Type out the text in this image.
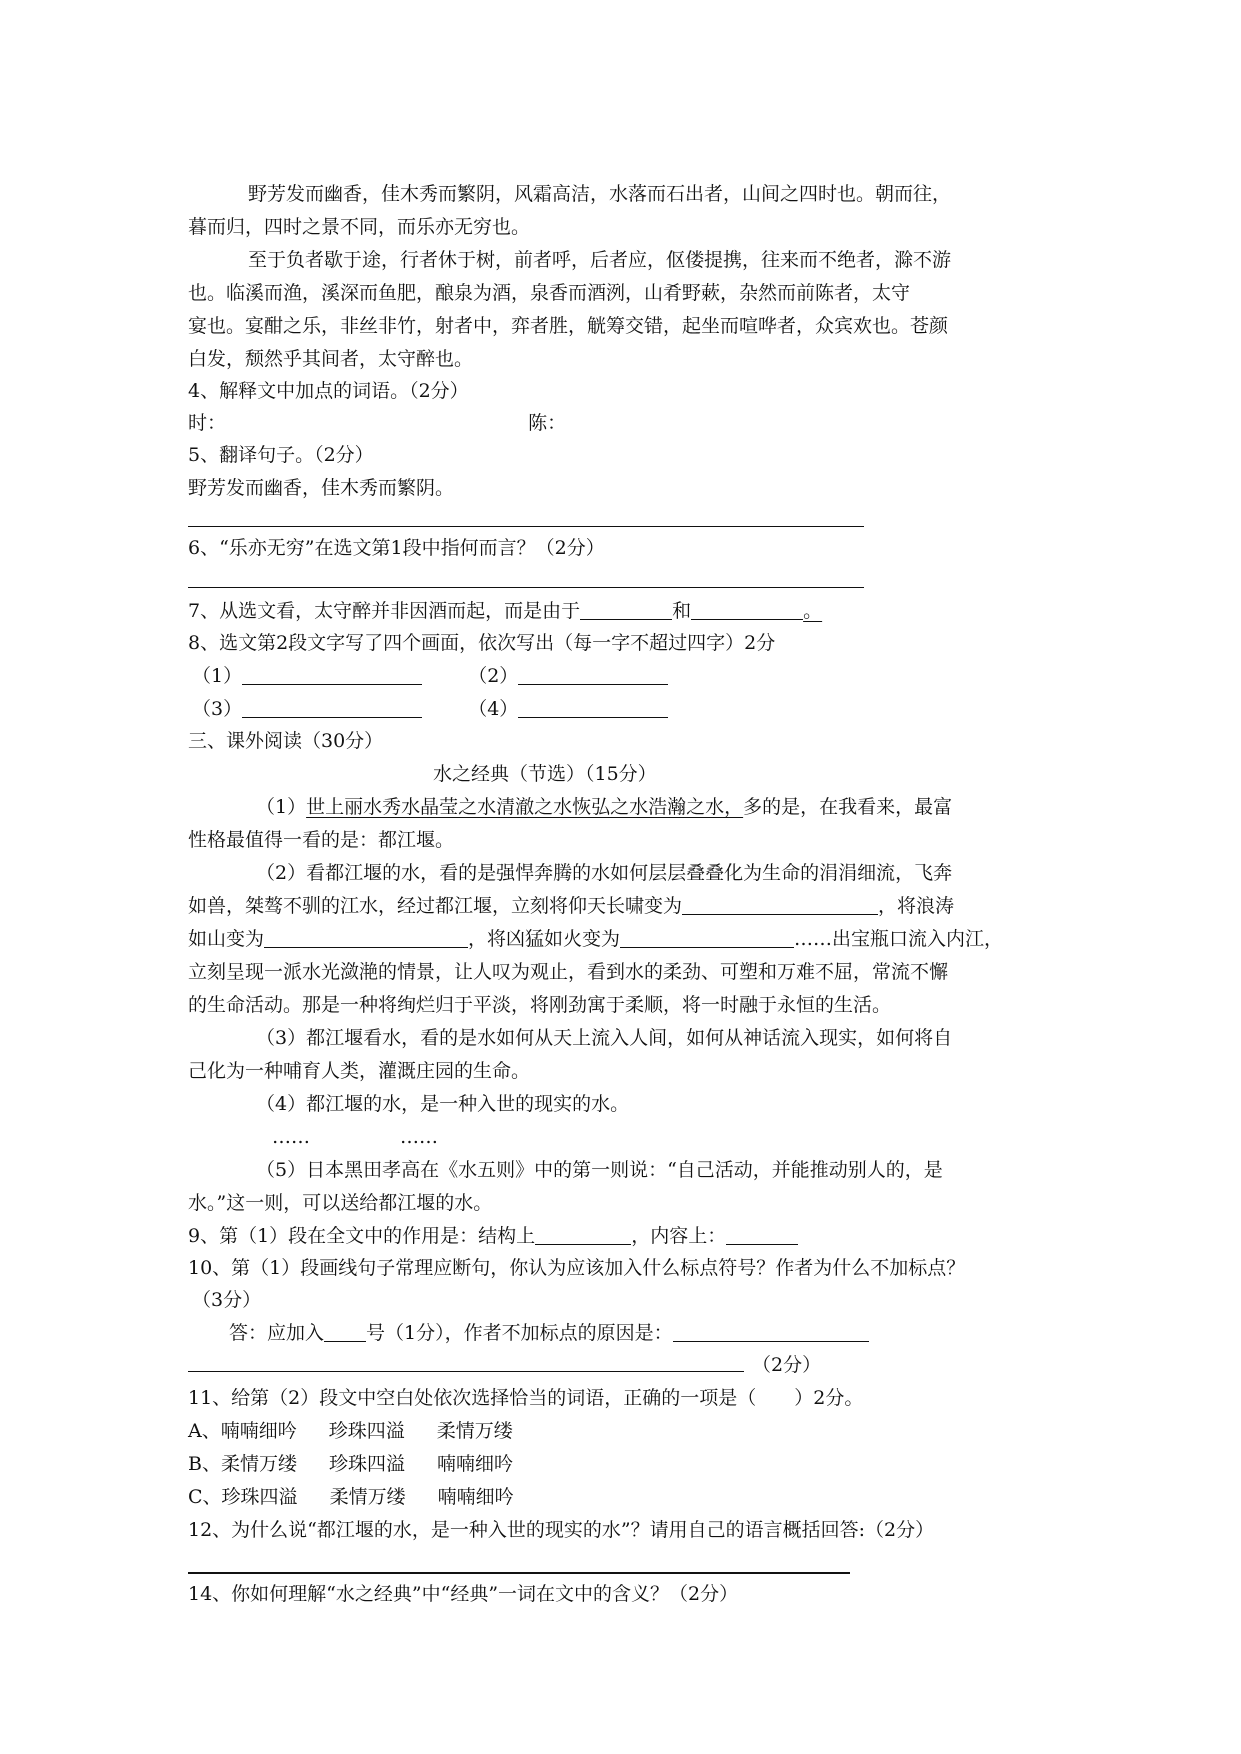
野芳发而幽香，佳木秀而繁阴，风霜高洁，水落而石出者，山间之四时也。朝而往，
暮而归，四时之景不同，而乐亦无穷也。
至于负者歇于途，行者休于树，前者呼，后者应，伛偻提携，往来而不绝者，滁不游
也。临溪而渔，溪深而鱼肥，酿泉为酒，泉香而酒洌，山肴野蔌，杂然而前陈者，太守
宴也。宴酣之乐，非丝非竹，射者中，弈者胜，觥筹交错，起坐而喧哗者，众宾欢也。苍颜
白发，颓然乎其间者，太守醉也。
4、解释文中加点的词语。（2分）
时：	陈：
5、翻译句子。（2分）
野芳发而幽香，佳木秀而繁阴。
6、“乐亦无穷”在选文第1段中指何而言？（2分）
7、从选文看，太守醉并非因酒而起，而是由于	和	。
8、选文第2段文字写了四个画面，依次写出（每一字不超过四字）2分
（1）	（2）
（3）	（4）
三、课外阅读（30分）
水之经典（节选）（15分）
（1）世上丽水秀水晶莹之水清澈之水恢弘之水浩瀚之水，多的是，在我看来，最富
性格最值得一看的是：都江堰。
（2）看都江堰的水，看的是强悍奔腾的水如何层层叠叠化为生命的涓涓细流，飞奔
如兽，桀骜不驯的江水，经过都江堰，立刻将仰天长啸变为	，将浪涛
如山变为	，将凶猛如火变为	……出宝瓶口流入内江，
立刻呈现一派水光潋滟的情景，让人叹为观止，看到水的柔劲、可塑和万难不屈，常流不懈
的生命活动。那是一种将绚烂归于平淡，将刚劲寓于柔顺，将一时融于永恒的生活。
（3）都江堰看水，看的是水如何从天上流入人间，如何从神话流入现实，如何将自
己化为一种哺育人类，灌溉庄园的生命。
（4）都江堰的水，是一种入世的现实的水。
……	……
（5）日本黑田孝高在《水五则》中的第一则说：“自己活动，并能推动别人的，是
水。”这一则，可以送给都江堰的水。
9、第（1）段在全文中的作用是：结构上	，内容上：
10、第（1）段画线句子常理应断句，你认为应该加入什么标点符号？作者为什么不加标点？
（3分）
答：应加入 号（1分），作者不加标点的原因是：
（2分）
11、给第（2）段文中空白处依次选择恰当的词语，正确的一项是（　　）2分。
A、喃喃细吟 珍珠四溢 柔情万缕
B、柔情万缕 珍珠四溢 喃喃细吟
C、珍珠四溢 柔情万缕 喃喃细吟
12、为什么说“都江堰的水，是一种入世的现实的水”？请用自己的语言概括回答:（2分）
14、你如何理解“水之经典”中“经典”一词在文中的含义？（2分）
